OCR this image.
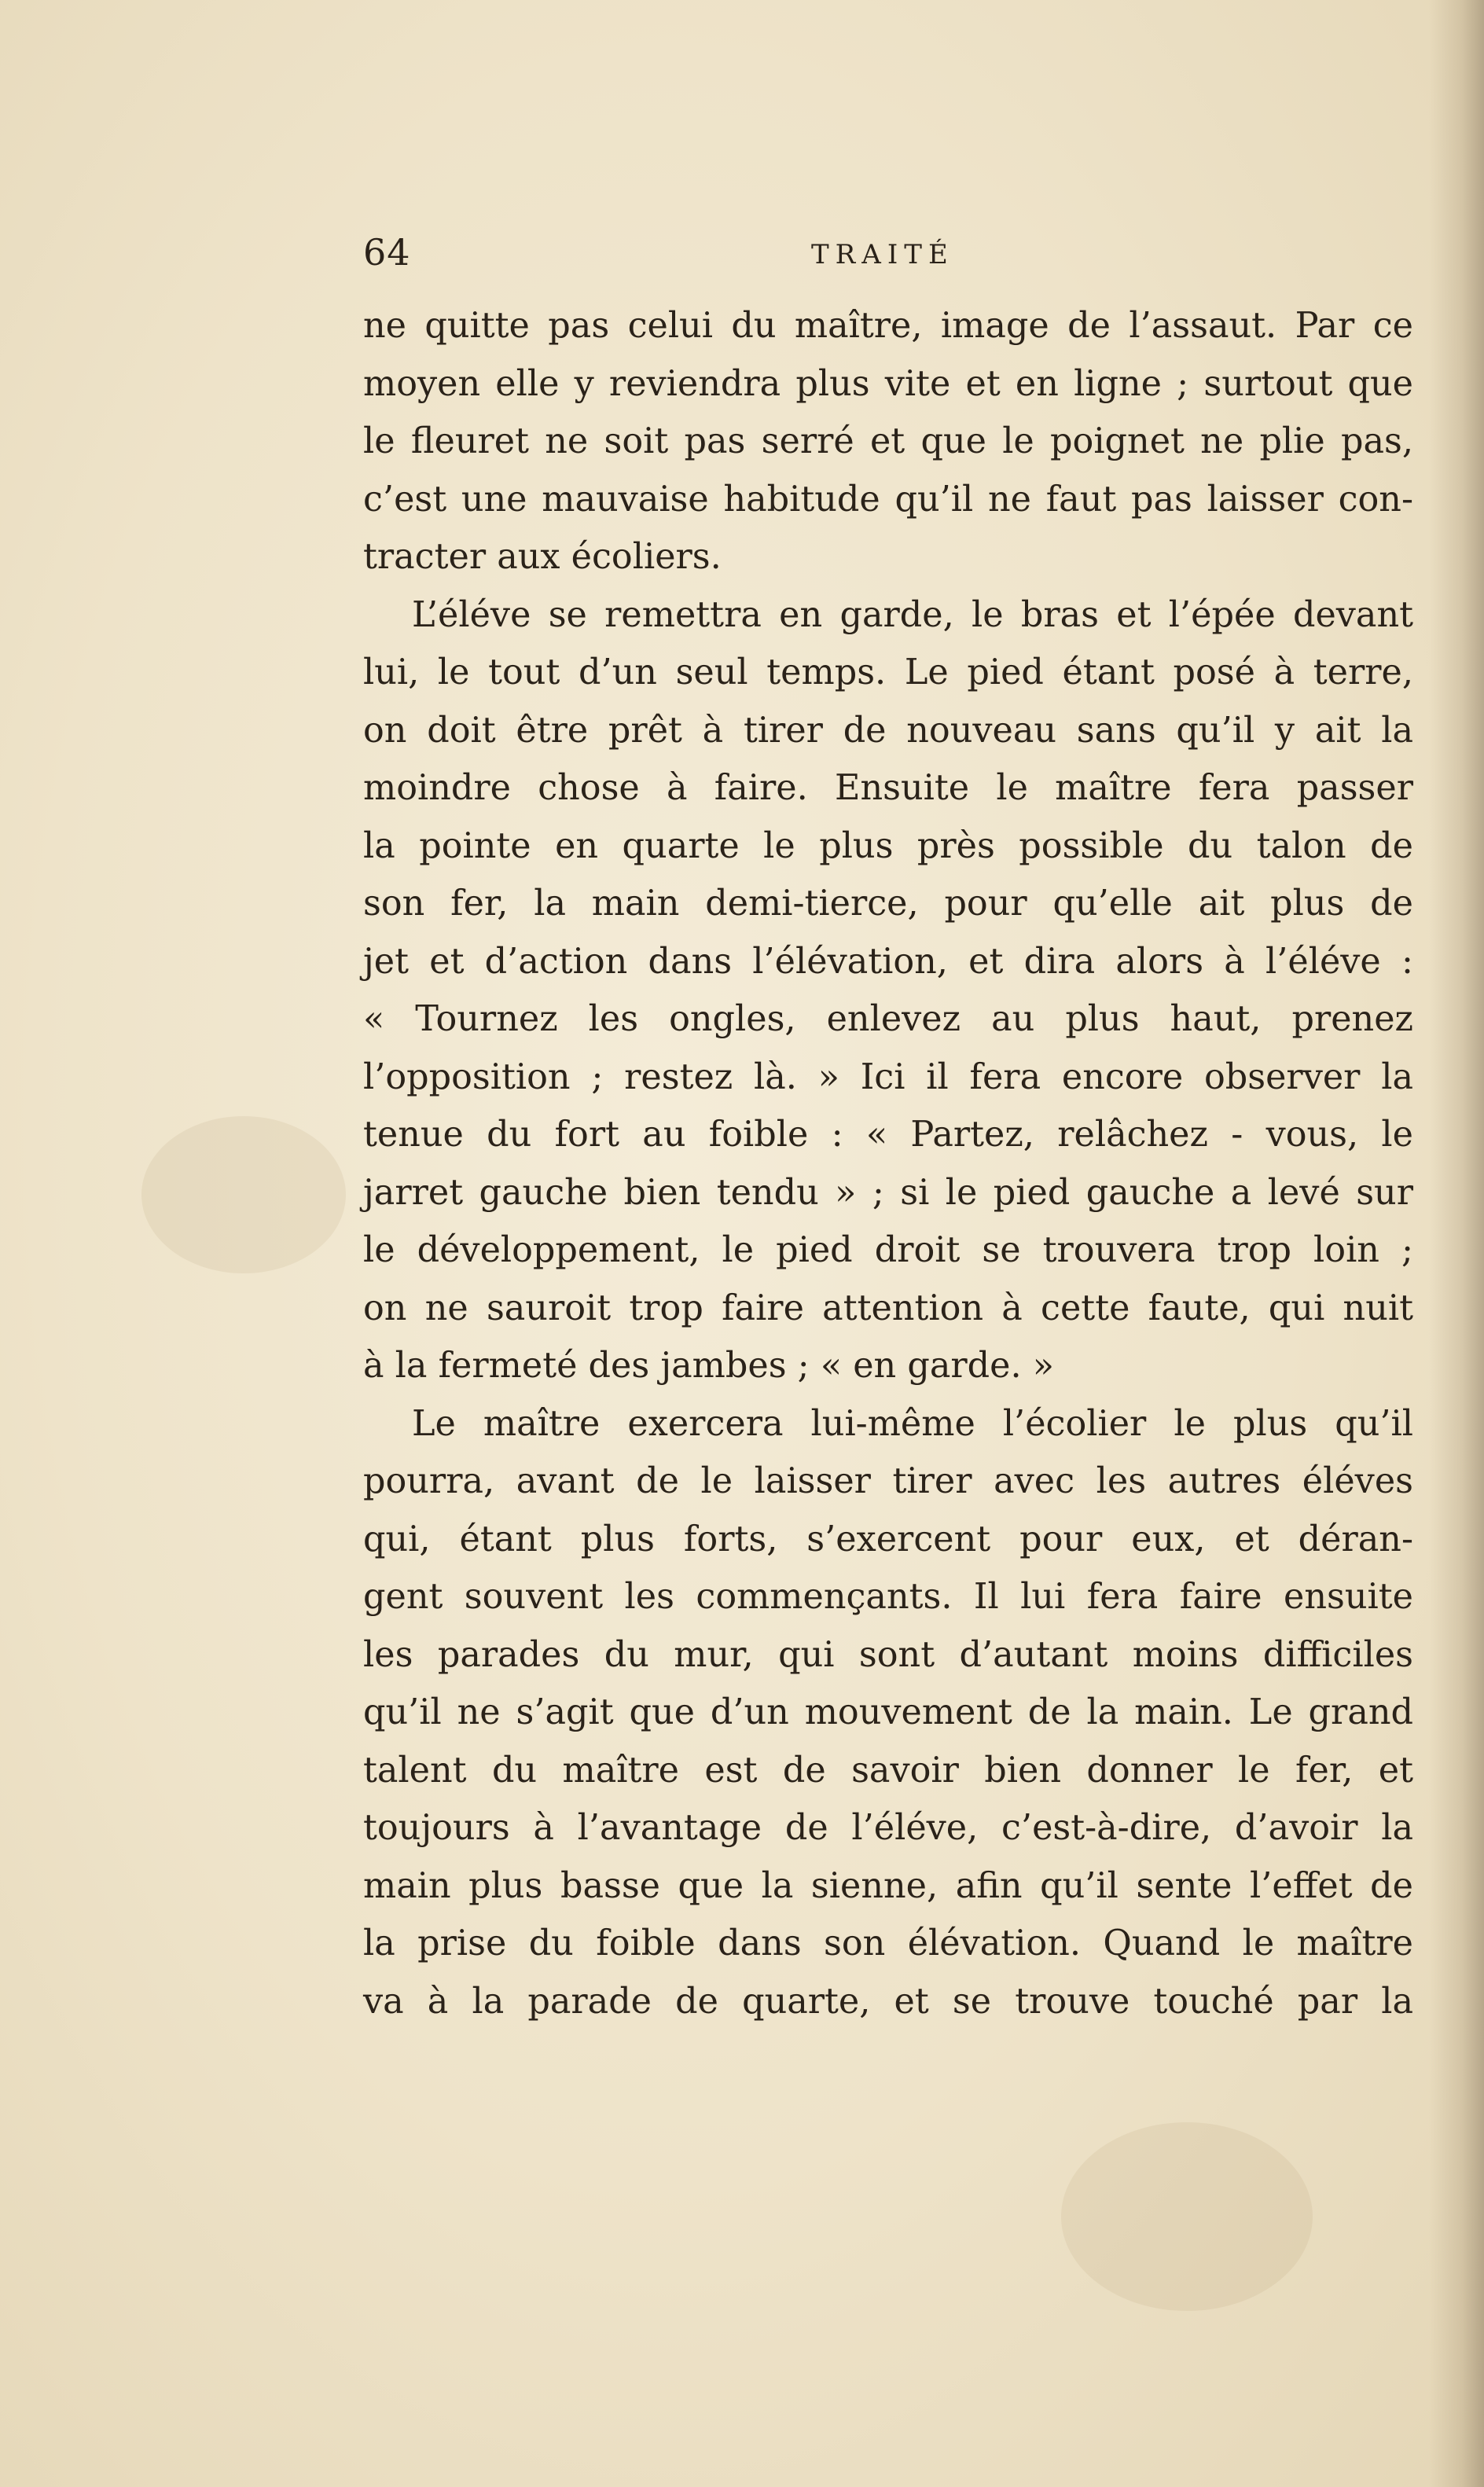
64	TRAITÉ
ne quitte pas celui du maître, image de l’assaut. Par ce
moyen elle y reviendra plus vite et en ligne ; surtout que
le fleuret ne soit pas serré et que le poignet ne plie pas,
c’est une mauvaise habitude qu’il ne faut pas laisser con-
tracter aux écoliers.
L’éléve se remettra en garde, le bras et l’épée devant
lui, le tout d’un seul temps. Le pied étant posé à terre,
on doit être prêt à tirer de nouveau sans qu’il y ait la
moindre chose à faire. Ensuite le maître fera passer
la pointe en quarte le plus près possible du talon de
son fer, la main demi-tierce, pour qu’elle ait plus de
jet et d’action dans l’élévation, et dira alors à l’éléve :
« Tournez les ongles, enlevez au plus haut, prenez
l’opposition ; restez là. » Ici il fera encore observer la
tenue du fort au foible : « Partez, relâchez - vous, le
jarret gauche bien tendu » ; si le pied gauche a levé sur
le développement, le pied droit se trouvera trop loin ;
on ne sauroit trop faire attention à cette faute, qui nuit
à la fermeté des jambes ; « en garde. »
Le maître exercera lui-même l’écolier le plus qu’il
pourra, avant de le laisser tirer avec les autres éléves
qui, étant plus forts, s’exercent pour eux, et déran-
gent souvent les commençants. Il lui fera faire ensuite
les parades du mur, qui sont d’autant moins difficiles
qu’il ne s’agit que d’un mouvement de la main. Le grand
talent du maître est de savoir bien donner le fer, et
toujours à l’avantage de l’éléve, c’est-à-dire, d’avoir la
main plus basse que la sienne, afin qu’il sente l’effet de
la prise du foible dans son élévation. Quand le maître
va à la parade de quarte, et se trouve touché par la
